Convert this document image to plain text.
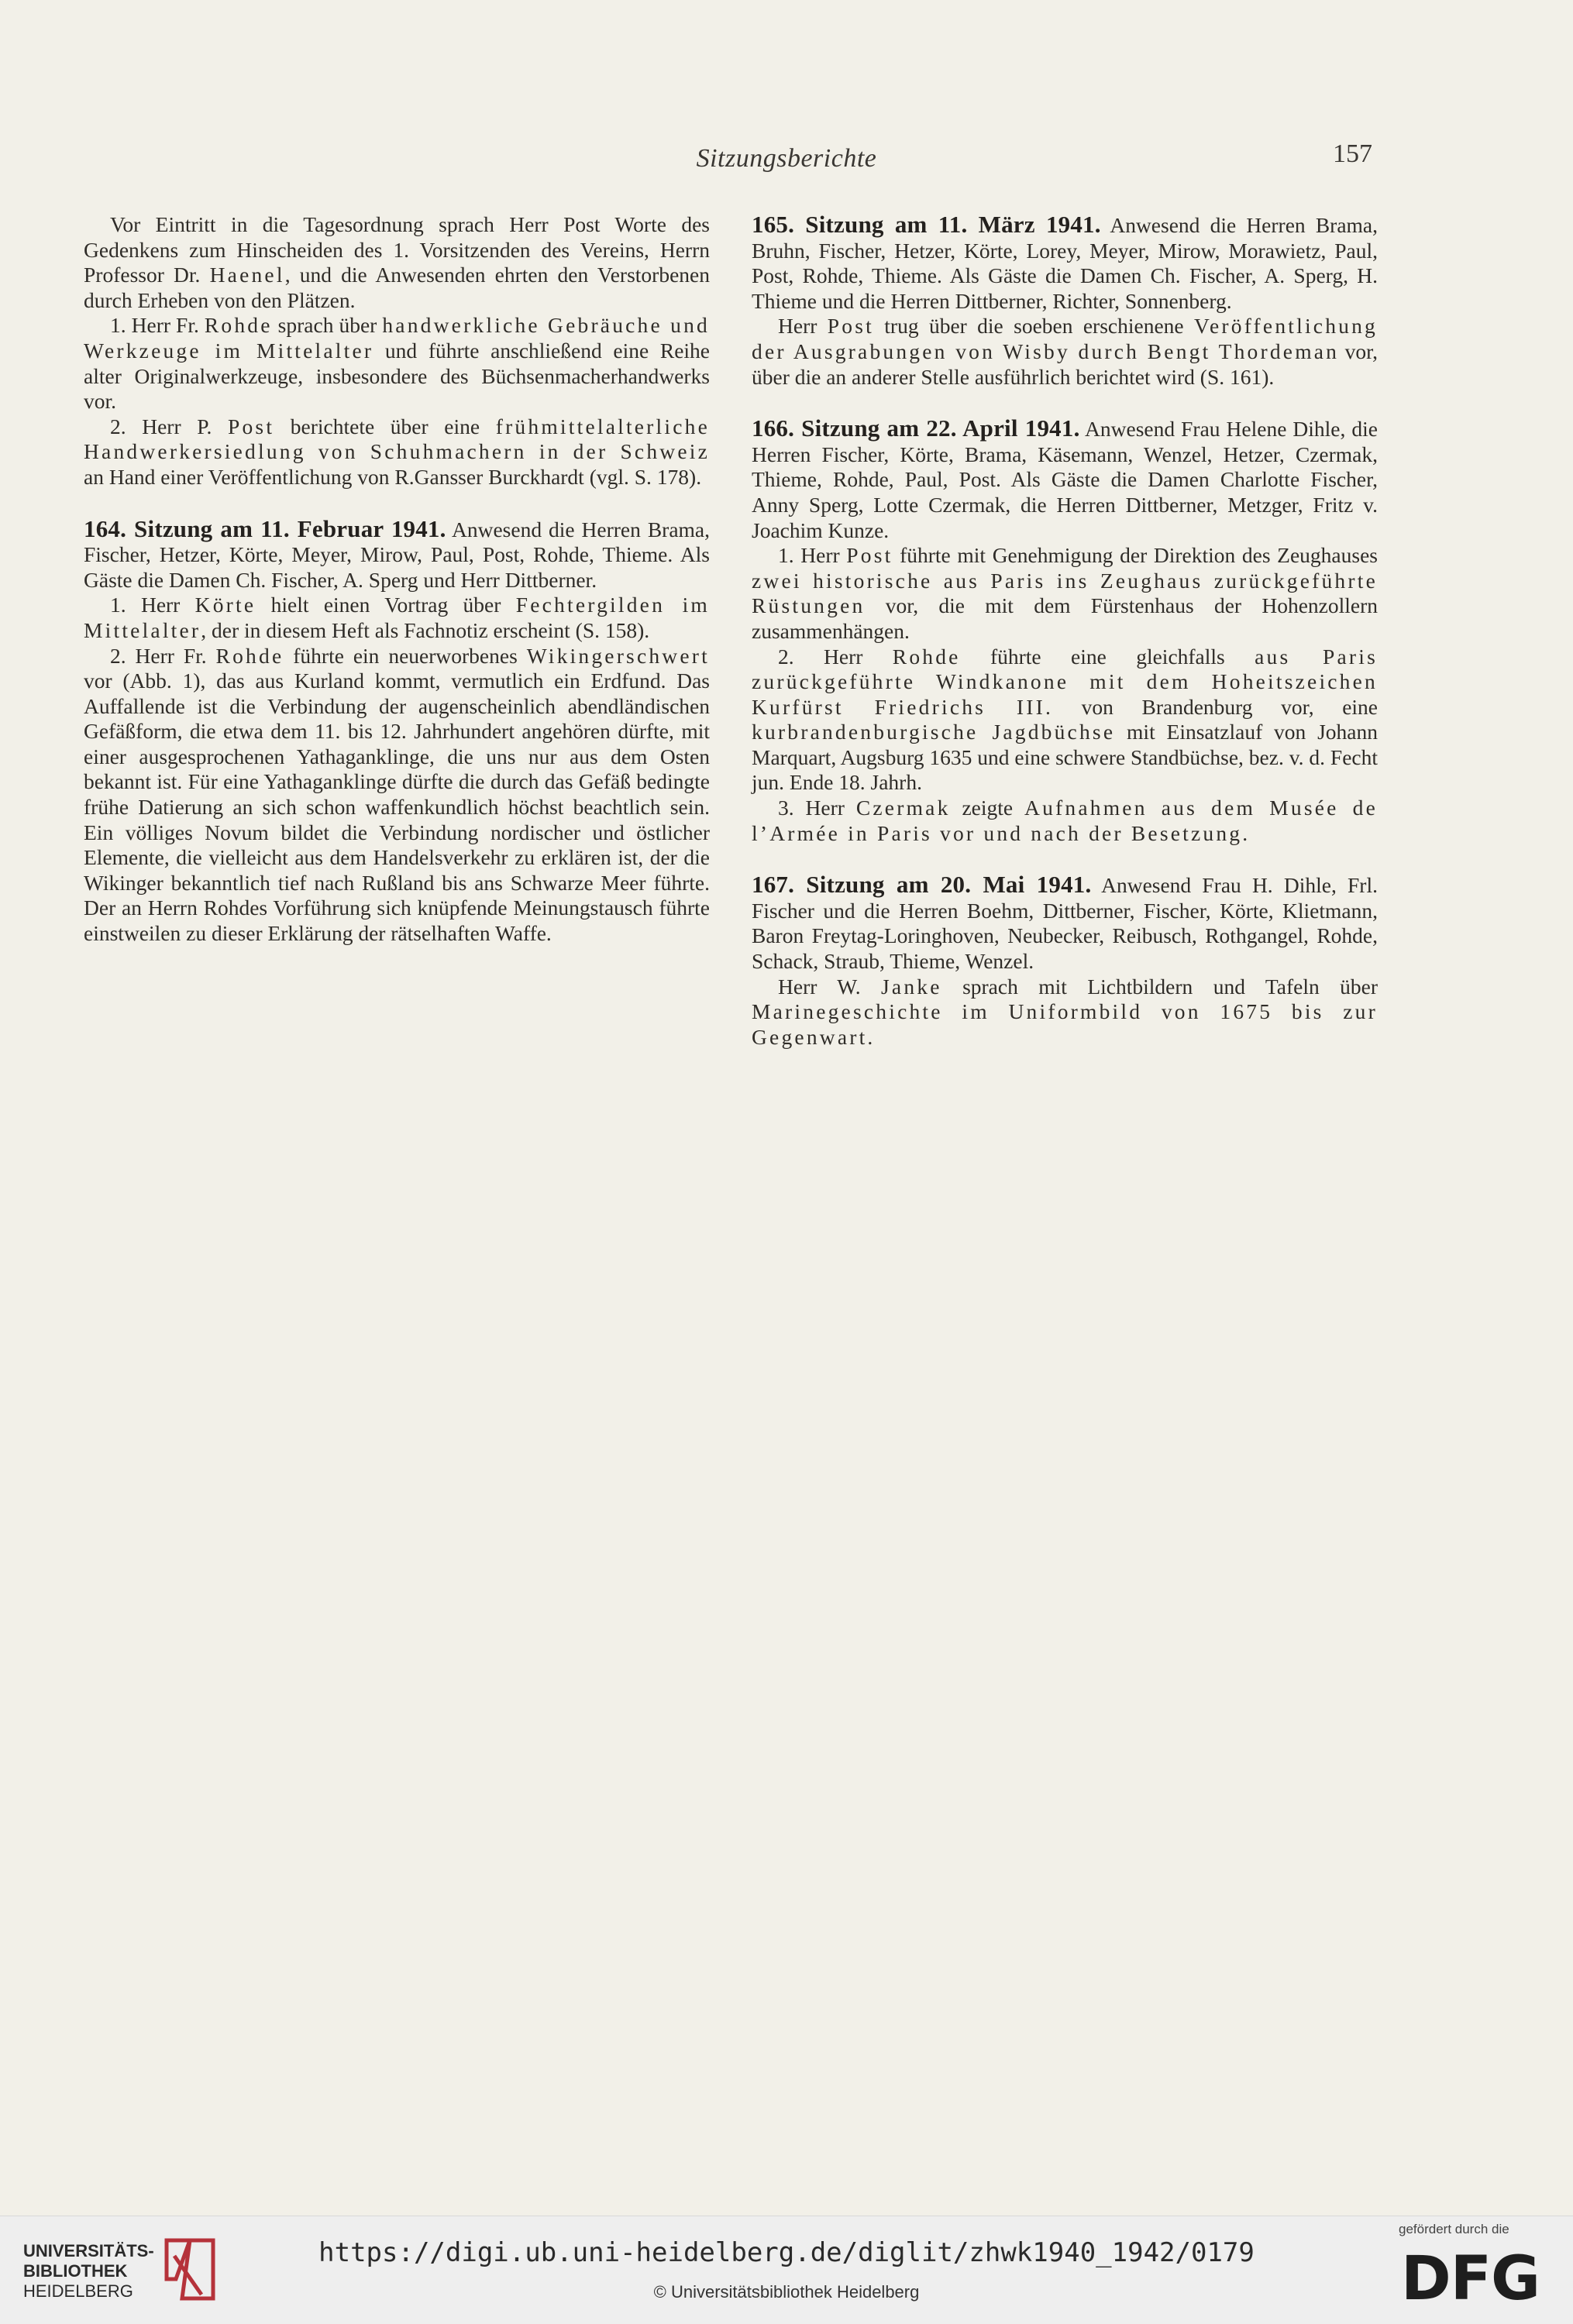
Sitzungsberichte	157

Vor Eintritt in die Tagesordnung sprach Herr Post Worte des Gedenkens zum Hinscheiden des 1. Vorsitzenden des Vereins, Herrn Professor Dr. Haenel, und die Anwesenden ehrten den Verstorbenen durch Erheben von den Plätzen.

1. Herr Fr. Rohde sprach über handwerkliche Gebräuche und Werkzeuge im Mittelalter und führte anschließend eine Reihe alter Originalwerkzeuge, insbesondere des Büchsenmacherhandwerks vor.

2. Herr P. Post berichtete über eine frühmittelalterliche Handwerkersiedlung von Schuhmachern in der Schweiz an Hand einer Veröffentlichung von R.Gansser Burckhardt (vgl. S. 178).

164. Sitzung am 11. Februar 1941. Anwesend die Herren Brama, Fischer, Hetzer, Körte, Meyer, Mirow, Paul, Post, Rohde, Thieme. Als Gäste die Damen Ch. Fischer, A. Sperg und Herr Dittberner.

1. Herr Körte hielt einen Vortrag über Fechtergilden im Mittelalter, der in diesem Heft als Fachnotiz erscheint (S. 158).

2. Herr Fr. Rohde führte ein neuerworbenes Wikingerschwert vor (Abb. 1), das aus Kurland kommt, vermutlich ein Erdfund. Das Auffallende ist die Verbindung der augenscheinlich abendländischen Gefäßform, die etwa dem 11. bis 12. Jahrhundert angehören dürfte, mit einer ausgesprochenen Yathaganklinge, die uns nur aus dem Osten bekannt ist. Für eine Yathaganklinge dürfte die durch das Gefäß bedingte frühe Datierung an sich schon waffenkundlich höchst beachtlich sein. Ein völliges Novum bildet die Verbindung nordischer und östlicher Elemente, die vielleicht aus dem Handelsverkehr zu erklären ist, der die Wikinger bekanntlich tief nach Rußland bis ans Schwarze Meer führte. Der an Herrn Rohdes Vorführung sich knüpfende Meinungstausch führte einstweilen zu dieser Erklärung der rätselhaften Waffe.

165. Sitzung am 11. März 1941. Anwesend die Herren Brama, Bruhn, Fischer, Hetzer, Körte, Lorey, Meyer, Mirow, Morawietz, Paul, Post, Rohde, Thieme. Als Gäste die Damen Ch. Fischer, A. Sperg, H. Thieme und die Herren Dittberner, Richter, Sonnenberg.

Herr Post trug über die soeben erschienene Veröffentlichung der Ausgrabungen von Wisby durch Bengt Thordeman vor, über die an anderer Stelle ausführlich berichtet wird (S. 161).

166. Sitzung am 22. April 1941. Anwesend Frau Helene Dihle, die Herren Fischer, Körte, Brama, Käsemann, Wenzel, Hetzer, Czermak, Thieme, Rohde, Paul, Post. Als Gäste die Damen Charlotte Fischer, Anny Sperg, Lotte Czermak, die Herren Dittberner, Metzger, Fritz v. Joachim Kunze.

1. Herr Post führte mit Genehmigung der Direktion des Zeughauses zwei historische aus Paris ins Zeughaus zurückgeführte Rüstungen vor, die mit dem Fürstenhaus der Hohenzollern zusammenhängen.

2. Herr Rohde führte eine gleichfalls aus Paris zurückgeführte Windkanone mit dem Hoheitszeichen Kurfürst Friedrichs III. von Brandenburg vor, eine kurbrandenburgische Jagdbüchse mit Einsatzlauf von Johann Marquart, Augsburg 1635 und eine schwere Standbüchse, bez. v. d. Fecht jun. Ende 18. Jahrh.

3. Herr Czermak zeigte Aufnahmen aus dem Musée de l’Armée in Paris vor und nach der Besetzung.

167. Sitzung am 20. Mai 1941. Anwesend Frau H. Dihle, Frl. Fischer und die Herren Boehm, Dittberner, Fischer, Körte, Klietmann, Baron Freytag-Loringhoven, Neubecker, Reibusch, Rothgangel, Rohde, Schack, Straub, Thieme, Wenzel.

Herr W. Janke sprach mit Lichtbildern und Tafeln über Marinegeschichte im Uniformbild von 1675 bis zur Gegenwart.

UNIVERSITÄTS-
BIBLIOTHEK
HEIDELBERG
https://digi.ub.uni-heidelberg.de/diglit/zhwk1940_1942/0179
© Universitätsbibliothek Heidelberg
gefördert durch die
DFG
